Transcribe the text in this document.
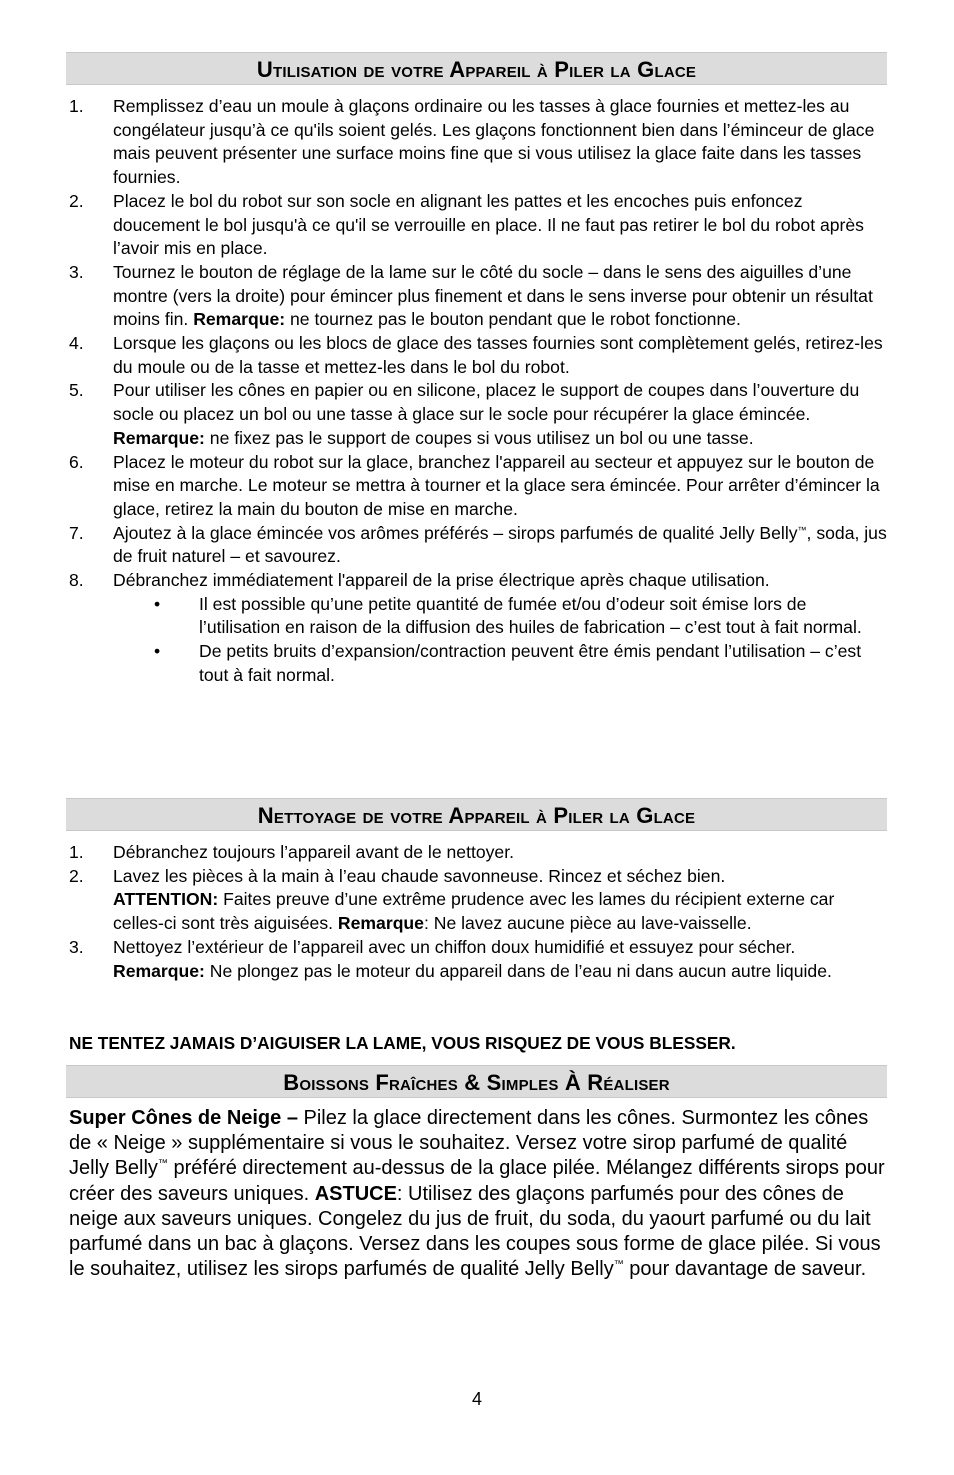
Utilisation de votre Appareil à Piler la Glace
1. Remplissez d’eau un moule à glaçons ordinaire ou les tasses à glace fournies et mettez-les au congélateur jusqu’à ce qu'ils soient gelés. Les glaçons fonctionnent bien dans l’éminceur de glace mais peuvent présenter une surface moins fine que si vous utilisez la glace faite dans les tasses fournies.
2. Placez le bol du robot sur son socle en alignant les pattes et les encoches puis enfoncez doucement le bol jusqu'à ce qu'il se verrouille en place. Il ne faut pas retirer le bol du robot après l’avoir mis en place.
3. Tournez le bouton de réglage de la lame sur le côté du socle – dans le sens des aiguilles d’une montre (vers la droite) pour émincer plus finement et dans le sens inverse pour obtenir un résultat moins fin. Remarque: ne tournez pas le bouton pendant que le robot fonctionne.
4. Lorsque les glaçons ou les blocs de glace des tasses fournies sont complètement gelés, retirez-les du moule ou de la tasse et mettez-les dans le bol du robot.
5. Pour utiliser les cônes en papier ou en silicone, placez le support de coupes dans l’ouverture du socle ou placez un bol ou une tasse à glace sur le socle pour récupérer la glace émincée. Remarque: ne fixez pas le support de coupes si vous utilisez un bol ou une tasse.
6. Placez le moteur du robot sur la glace, branchez l'appareil au secteur et appuyez sur le bouton de mise en marche. Le moteur se mettra à tourner et la glace sera émincée. Pour arrêter d’émincer la glace, retirez la main du bouton de mise en marche.
7. Ajoutez à la glace émincée vos arômes préférés – sirops parfumés de qualité Jelly Belly™, soda, jus de fruit naturel – et savourez.
8. Débranchez immédiatement l'appareil de la prise électrique après chaque utilisation.
• Il est possible qu’une petite quantité de fumée et/ou d’odeur soit émise lors de l’utilisation en raison de la diffusion des huiles de fabrication – c’est tout à fait normal.
• De petits bruits d’expansion/contraction peuvent être émis pendant l’utilisation – c’est tout à fait normal.
Nettoyage de votre Appareil à Piler la Glace
1. Débranchez toujours l’appareil avant de le nettoyer.
2. Lavez les pièces à la main à l’eau chaude savonneuse. Rincez et séchez bien.
ATTENTION: Faites preuve d’une extrême prudence avec les lames du récipient externe car celles-ci sont très aiguisées. Remarque: Ne lavez aucune pièce au lave-vaisselle.
3. Nettoyez l’extérieur de l’appareil avec un chiffon doux humidifié et essuyez pour sécher. Remarque: Ne plongez pas le moteur du appareil dans de l’eau ni dans aucun autre liquide.
NE TENTEZ JAMAIS D’AIGUISER LA LAME, VOUS RISQUEZ DE VOUS BLESSER.
Boissons Fraîches & Simples À Réaliser

Super Cônes de Neige – Pilez la glace directement dans les cônes. Surmontez les cônes de « Neige » supplémentaire si vous le souhaitez. Versez votre sirop parfumé de qualité Jelly Belly™ préféré directement au-dessus de la glace pilée. Mélangez différents sirops pour créer des saveurs uniques. ASTUCE: Utilisez des glaçons parfumés pour des cônes de neige aux saveurs uniques. Congelez du jus de fruit, du soda, du yaourt parfumé ou du lait parfumé dans un bac à glaçons. Versez dans les coupes sous forme de glace pilée. Si vous le souhaitez, utilisez les sirops parfumés de qualité Jelly Belly™ pour davantage de saveur.

4
